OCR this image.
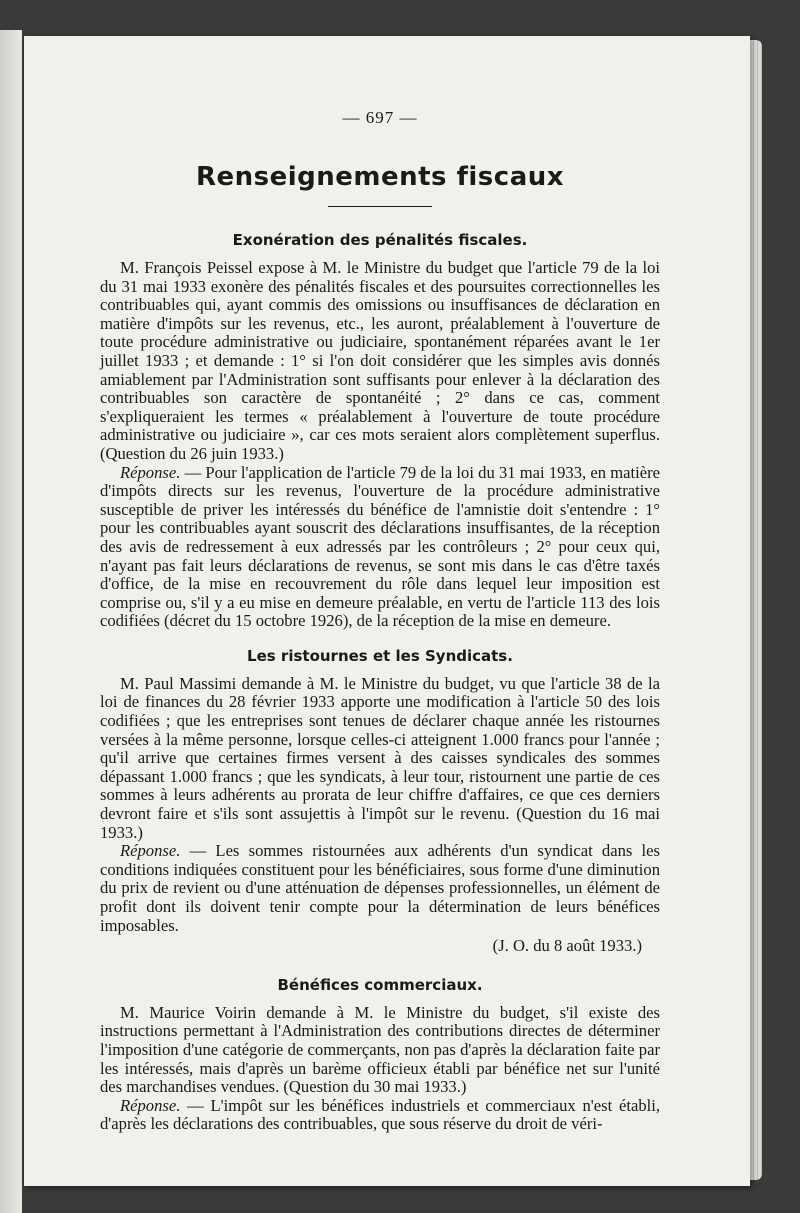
— 697 —

Renseignements fiscaux
Exonération des pénalités fiscales.

M. François Peissel expose à M. le Ministre du budget que l'article 79 de la loi du 31 mai 1933 exonère des pénalités fiscales et des poursuites correctionnelles les contribuables qui, ayant commis des omissions ou insuffisances de déclaration en matière d'impôts sur les revenus, etc., les auront, préalablement à l'ouverture de toute procédure administrative ou judiciaire, spontanément réparées avant le 1er juillet 1933 ; et demande : 1° si l'on doit considérer que les simples avis donnés amiablement par l'Administration sont suffisants pour enlever à la déclaration des contribuables son caractère de spontanéité ; 2° dans ce cas, comment s'expliqueraient les termes « préalablement à l'ouverture de toute procédure administrative ou judiciaire », car ces mots seraient alors complètement superflus. (Question du 26 juin 1933.)

Réponse. — Pour l'application de l'article 79 de la loi du 31 mai 1933, en matière d'impôts directs sur les revenus, l'ouverture de la procédure administrative susceptible de priver les intéressés du bénéfice de l'amnistie doit s'entendre : 1° pour les contribuables ayant souscrit des déclarations insuffisantes, de la réception des avis de redressement à eux adressés par les contrôleurs ; 2° pour ceux qui, n'ayant pas fait leurs déclarations de revenus, se sont mis dans le cas d'être taxés d'office, de la mise en recouvrement du rôle dans lequel leur imposition est comprise ou, s'il y a eu mise en demeure préalable, en vertu de l'article 113 des lois codifiées (décret du 15 octobre 1926), de la réception de la mise en demeure.

Les ristournes et les Syndicats.

M. Paul Massimi demande à M. le Ministre du budget, vu que l'article 38 de la loi de finances du 28 février 1933 apporte une modification à l'article 50 des lois codifiées ; que les entreprises sont tenues de déclarer chaque année les ristournes versées à la même personne, lorsque celles-ci atteignent 1.000 francs pour l'année ; qu'il arrive que certaines firmes versent à des caisses syndicales des sommes dépassant 1.000 francs ; que les syndicats, à leur tour, ristournent une partie de ces sommes à leurs adhérents au prorata de leur chiffre d'affaires, ce que ces derniers devront faire et s'ils sont assujettis à l'impôt sur le revenu. (Question du 16 mai 1933.)

Réponse. — Les sommes ristournées aux adhérents d'un syndicat dans les conditions indiquées constituent pour les bénéficiaires, sous forme d'une diminution du prix de revient ou d'une atténuation de dépenses professionnelles, un élément de profit dont ils doivent tenir compte pour la détermination de leurs bénéfices imposables.

(J. O. du 8 août 1933.)

Bénéfices commerciaux.

M. Maurice Voirin demande à M. le Ministre du budget, s'il existe des instructions permettant à l'Administration des contributions directes de déterminer l'imposition d'une catégorie de commerçants, non pas d'après la déclaration faite par les intéressés, mais d'après un barème officieux établi par bénéfice net sur l'unité des marchandises vendues. (Question du 30 mai 1933.)

Réponse. — L'impôt sur les bénéfices industriels et commerciaux n'est établi, d'après les déclarations des contribuables, que sous réserve du droit de véri-
